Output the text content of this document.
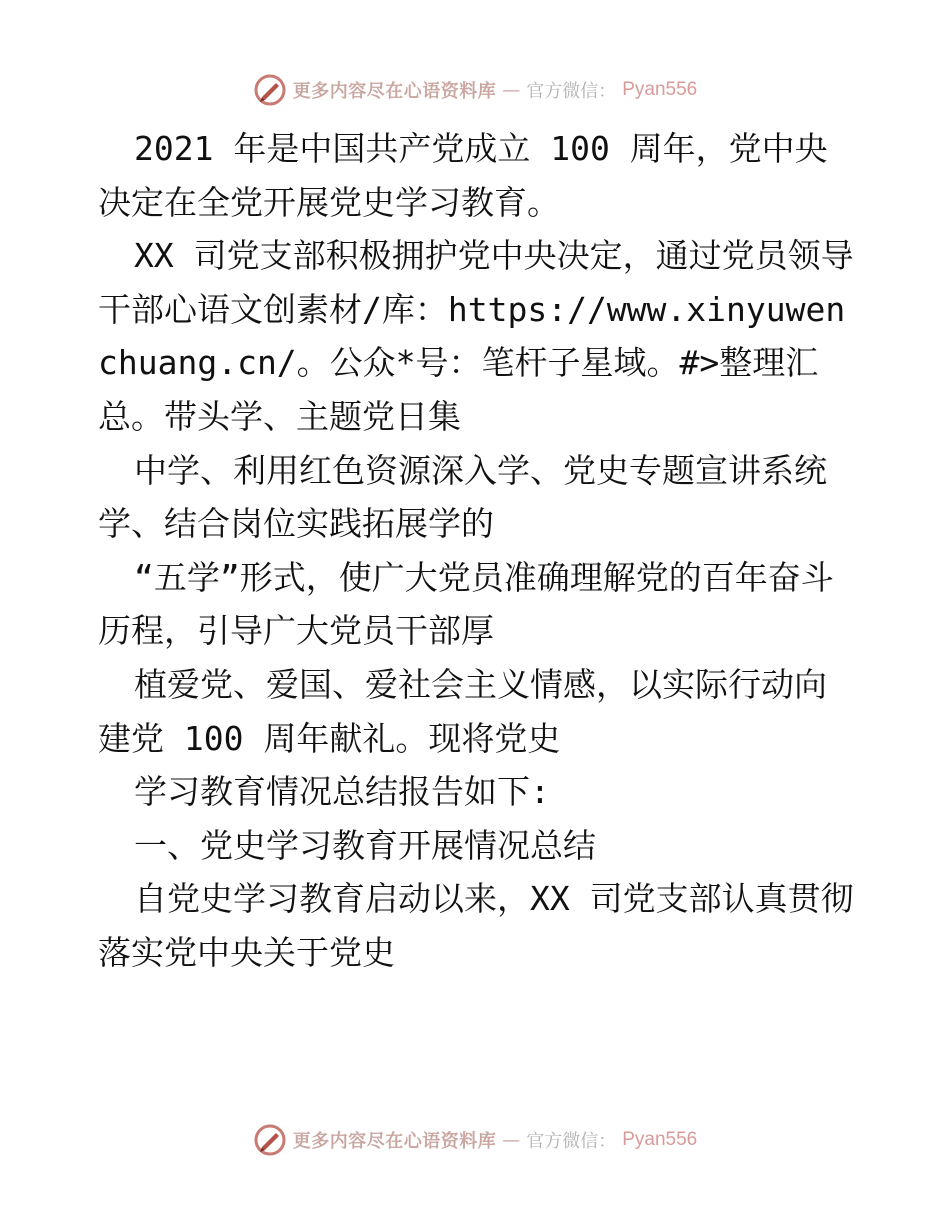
更多内容尽在心语资料库 — 官方微信： Pyan556

2021 年是中国共产党成立 100 周年，党中央决定在全党开展党史学习教育。

XX 司党支部积极拥护党中央决定，通过党员领导干部心语文创素材/库：https://www.xinyuwenchuang.cn/。公众*号：笔杆子星域。#>整理汇总。带头学、主题党日集

中学、利用红色资源深入学、党史专题宣讲系统学、结合岗位实践拓展学的

“五学”形式，使广大党员准确理解党的百年奋斗历程，引导广大党员干部厚

植爱党、爱国、爱社会主义情感，以实际行动向建党 100 周年献礼。现将党史

学习教育情况总结报告如下:

一、党史学习教育开展情况总结

自党史学习教育启动以来，XX 司党支部认真贯彻落实党中央关于党史

更多内容尽在心语资料库 — 官方微信： Pyan556
